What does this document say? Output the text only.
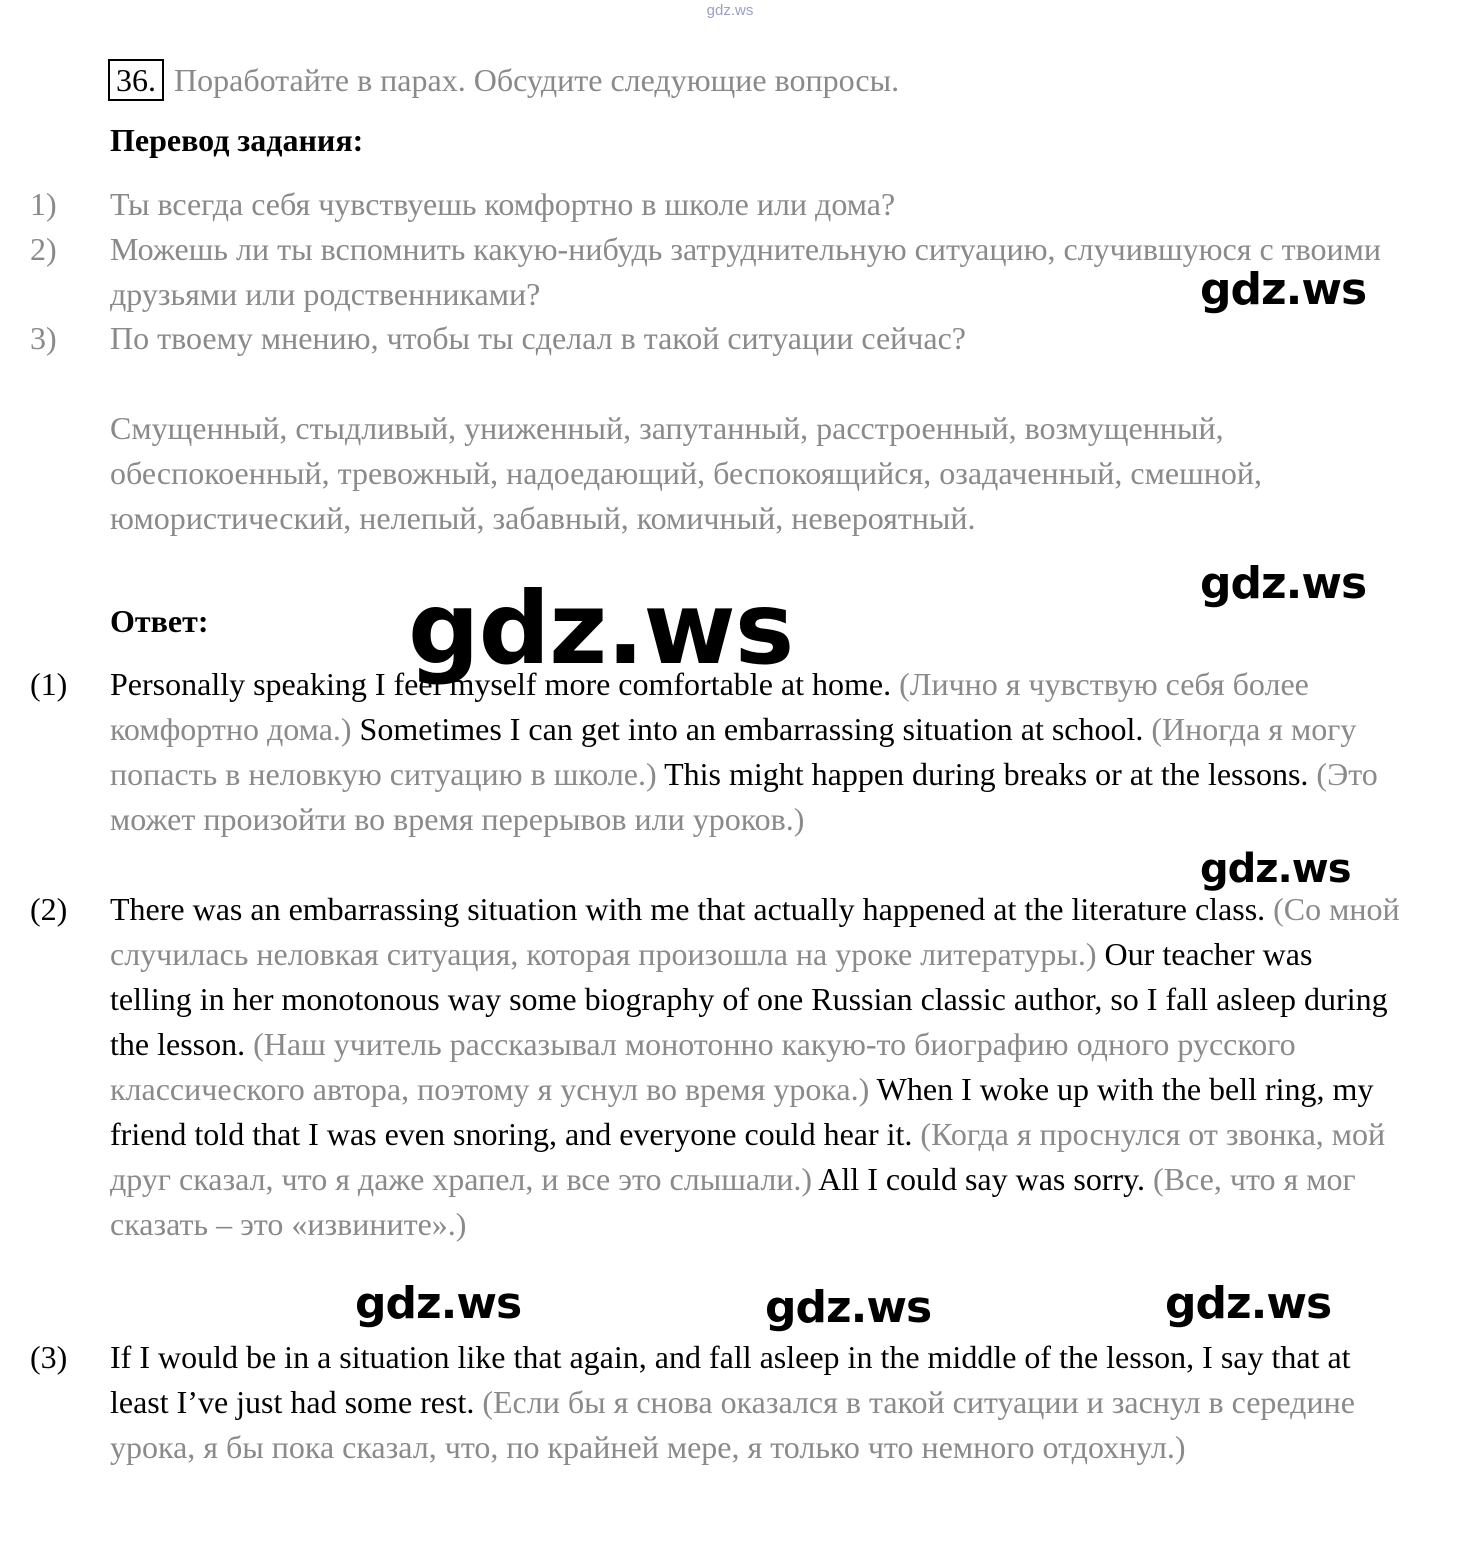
gdz.ws
36. Поработайте в парах. Обсудите следующие вопросы.
Перевод задания:
1) Ты всегда себя чувствуешь комфортно в школе или дома?
2) Можешь ли ты вспомнить какую-нибудь затруднительную ситуацию, случившуюся с твоими друзьями или родственниками?
3) По твоему мнению, чтобы ты сделал в такой ситуации сейчас?
Смущенный, стыдливый, униженный, запутанный, расстроенный, возмущенный, обеспокоенный, тревожный, надоедающий, беспокоящийся, озадаченный, смешной, юмористический, нелепый, забавный, комичный, невероятный.
Ответ:
(1) Personally speaking I feel myself more comfortable at home. (Лично я чувствую себя более комфортно дома.) Sometimes I can get into an embarrassing situation at school. (Иногда я могу попасть в неловкую ситуацию в школе.) This might happen during breaks or at the lessons. (Это может произойти во время перерывов или уроков.)
(2) There was an embarrassing situation with me that actually happened at the literature class. (Со мной случилась неловкая ситуация, которая произошла на уроке литературы.) Our teacher was telling in her monotonous way some biography of one Russian classic author, so I fall asleep during the lesson. (Наш учитель рассказывал монотонно какую-то биографию одного русского классического автора, поэтому я уснул во время урока.) When I woke up with the bell ring, my friend told that I was even snoring, and everyone could hear it. (Когда я проснулся от звонка, мой друг сказал, что я даже храпел, и все это слышали.) All I could say was sorry. (Все, что я мог сказать – это «извините».)
(3) If I would be in a situation like that again, and fall asleep in the middle of the lesson, I say that at least I’ve just had some rest. (Если бы я снова оказался в такой ситуации и заснул в середине урока, я бы пока сказал, что, по крайней мере, я только что немного отдохнул.)
gdz.ws
gdz.ws
gdz.ws
gdz.ws
gdz.ws	gdz.ws	gdz.ws
